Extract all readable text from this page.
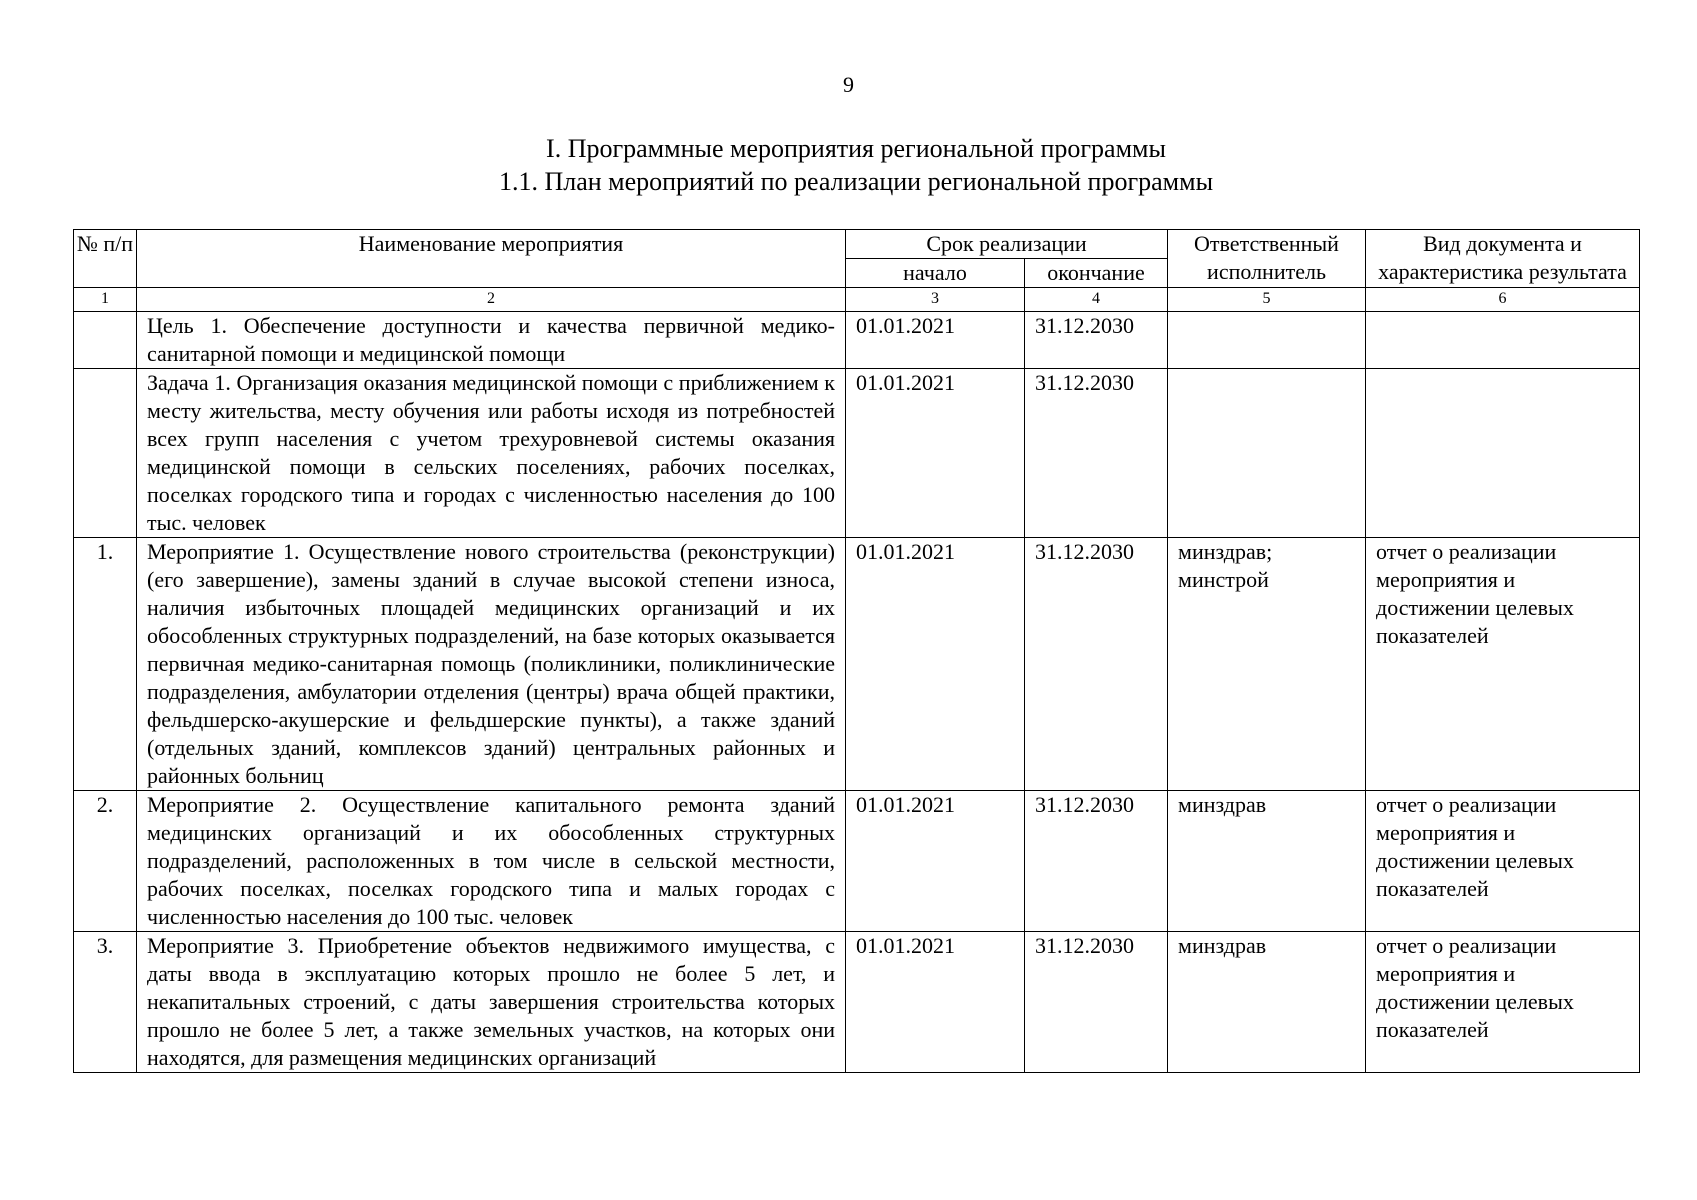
9
I. Программные мероприятия региональной программы
1.1. План мероприятий по реализации региональной программы
№ п/п	Наименование мероприятия	Срок реализации		Ответственный исполнитель	Вид документа и характеристика результата
		начало	окончание		
1	2	3	4	5	6
	Цель 1. Обеспечение доступности и качества первичной медико-санитарной помощи и медицинской помощи	01.01.2021	31.12.2030		
	Задача 1. Организация оказания медицинской помощи с приближением к месту жительства, месту обучения или работы исходя из потребностей всех групп населения с учетом трехуровневой системы оказания медицинской помощи в сельских поселениях, рабочих поселках, поселках городского типа и городах с численностью населения до 100 тыс. человек	01.01.2021	31.12.2030		
1.	Мероприятие 1. Осуществление нового строительства (реконструкции) (его завершение), замены зданий в случае высокой степени износа, наличия избыточных площадей медицинских организаций и их обособленных структурных подразделений, на базе которых оказывается первичная медико-санитарная помощь (поликлиники, поликлинические подразделения, амбулатории отделения (центры) врача общей практики, фельдшерско-акушерские и фельдшерские пункты), а также зданий (отдельных зданий, комплексов зданий) центральных районных и районных больниц	01.01.2021	31.12.2030	минздрав; минстрой	отчет о реализации мероприятия и достижении целевых показателей
2.	Мероприятие 2. Осуществление капитального ремонта зданий медицинских организаций и их обособленных структурных подразделений, расположенных в том числе в сельской местности, рабочих поселках, поселках городского типа и малых городах с численностью населения до 100 тыс. человек	01.01.2021	31.12.2030	минздрав	отчет о реализации мероприятия и достижении целевых показателей
3.	Мероприятие 3. Приобретение объектов недвижимого имущества, с даты ввода в эксплуатацию которых прошло не более 5 лет, и некапитальных строений, с даты завершения строительства которых прошло не более 5 лет, а также земельных участков, на которых они находятся, для размещения медицинских организаций	01.01.2021	31.12.2030	минздрав	отчет о реализации мероприятия и достижении целевых показателей
